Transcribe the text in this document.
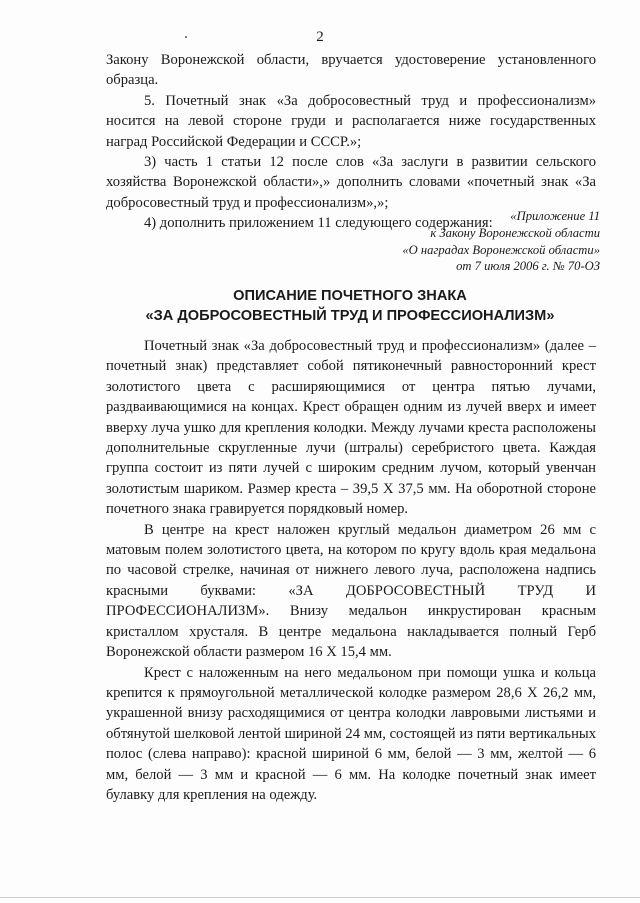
2

Закону Воронежской области, вручается удостоверение установленного образца.

5. Почетный знак «За добросовестный труд и профессионализм» носится на левой стороне груди и располагается ниже государственных наград Российской Федерации и СССР.»;

3) часть 1 статьи 12 после слов «За заслуги в развитии сельского хозяйства Воронежской области»,» дополнить словами «почетный знак «За добросовестный труд и профессионализм»,»;

4) дополнить приложением 11 следующего содержания:	«Приложение 11
к Закону Воронежской области
«О наградах Воронежской области»
от 7 июля 2006 г. № 70-ОЗ
ОПИСАНИЕ ПОЧЕТНОГО ЗНАКА
«ЗА ДОБРОСОВЕСТНЫЙ ТРУД И ПРОФЕССИОНАЛИЗМ»

Почетный знак «За добросовестный труд и профессионализм» (далее – почетный знак) представляет собой пятиконечный равносторонний крест золотистого цвета с расширяющимися от центра пятью лучами, раздваивающимися на концах. Крест обращен одним из лучей вверх и имеет вверху луча ушко для крепления колодки. Между лучами креста расположены дополнительные скругленные лучи (штралы) серебристого цвета. Каждая группа состоит из пяти лучей с широким средним лучом, который увенчан золотистым шариком. Размер креста – 39,5 X 37,5 мм. На оборотной стороне почетного знака гравируется порядковый номер.

В центре на крест наложен круглый медальон диаметром 26 мм с матовым полем золотистого цвета, на котором по кругу вдоль края медальона по часовой стрелке, начиная от нижнего левого луча, расположена надпись красными буквами: «ЗА ДОБРОСОВЕСТНЫЙ ТРУД И ПРОФЕССИОНАЛИЗМ». Внизу медальон инкрустирован красным кристаллом хрусталя. В центре медальона накладывается полный Герб Воронежской области размером 16 X 15,4 мм.

Крест с наложенным на него медальоном при помощи ушка и кольца крепится к прямоугольной металлической колодке размером 28,6 X 26,2 мм, украшенной внизу расходящимися от центра колодки лавровыми листьями и обтянутой шелковой лентой шириной 24 мм, состоящей из пяти вертикальных полос (слева направо): красной шириной 6 мм, белой — 3 мм, желтой — 6 мм, белой — 3 мм и красной — 6 мм. На колодке почетный знак имеет булавку для крепления на одежду.
